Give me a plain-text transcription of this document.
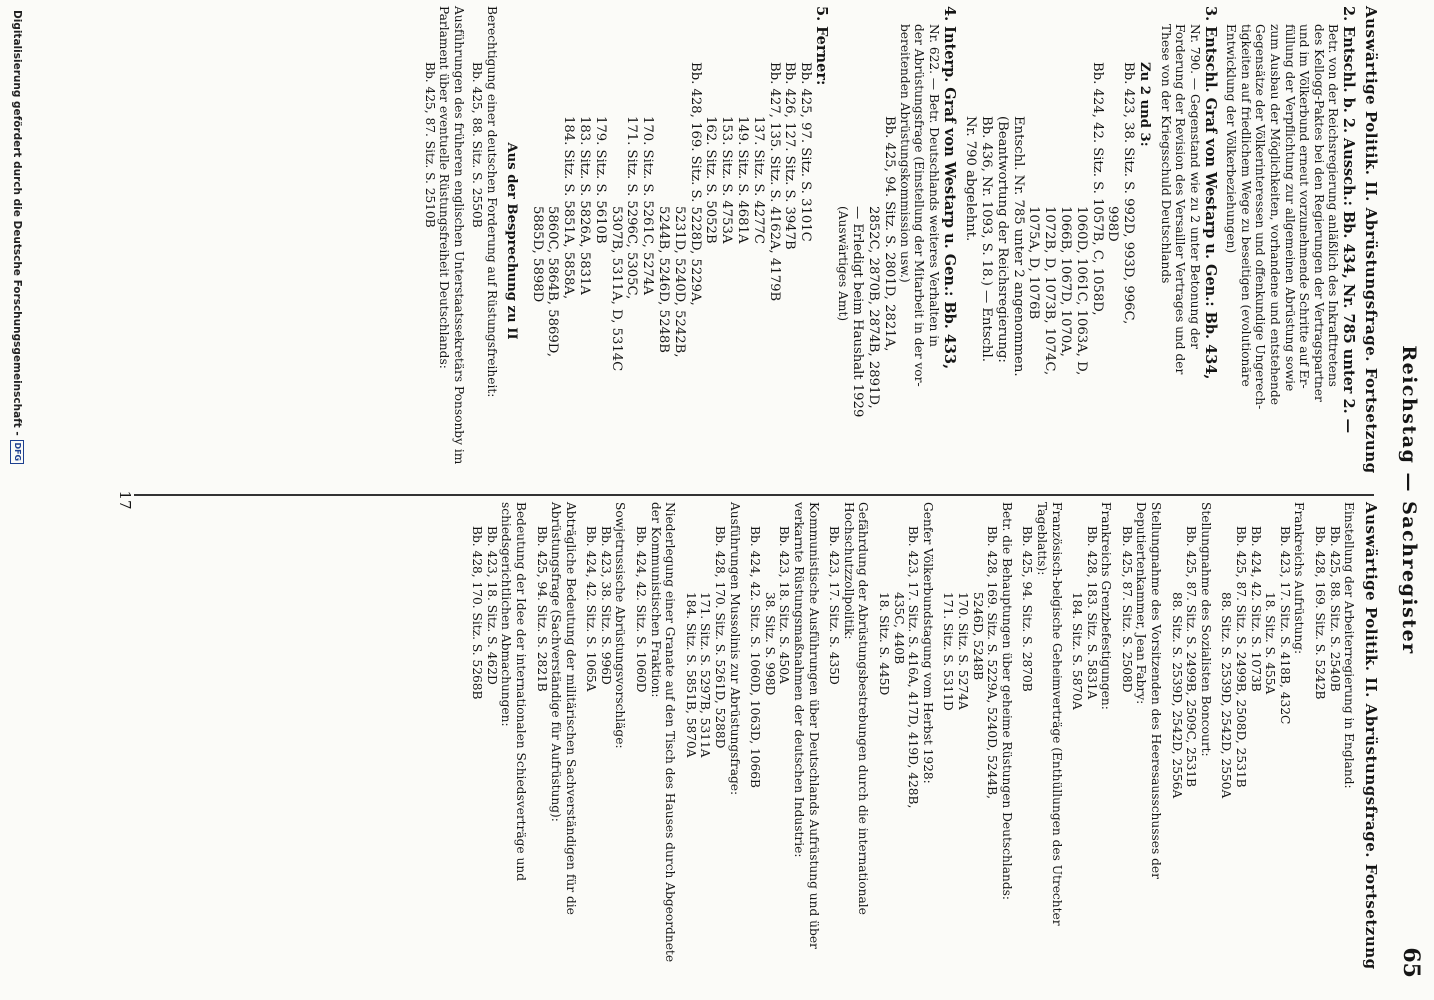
Reichstag — Sachregister
65
Auswärtige Politik. II. Abrüstungsfrage. Fortsetzung

2. Entschl. b. 2. Aussch.: Bb. 434, Nr. 785 unter 2. —

Betr. von der Reichsregierung anläßlich des Inkrafttretens

des Kellogg-Paktes bei den Regierungen der Vertragspartner

und im Völkerbund erneut vorzunehmende Schritte auf Er-

füllung der Verpflichtung zur allgemeinen Abrüstung sowie

zum Ausbau der Möglichkeiten, vorhandene und entstehende

Gegensätze der Völkerinteressen und offenkundige Ungerech-

tigkeiten auf friedlichem Wege zu beseitigen (evolutionäre

Entwicklung der Völkerbeziehungen)

3. Entschl. Graf von Westarp u. Gen.: Bb. 434,

Nr. 790. — Gegenstand wie zu 2 unter Betonung der

Forderung der Revision des Versailler Vertrages und der

These von der Kriegsschuld Deutschlands

Zu 2 und 3:

Bb. 423, 38. Sitz. S. 992D, 993D, 996C,

998D

Bb. 424, 42. Sitz. S. 1057B, C, 1058D,

1060D, 1061C, 1063A, D,

1066B, 1067D, 1070A,

1072B, D, 1073B, 1074C,

1075A, D, 1076B

Entschl. Nr. 785 unter 2 angenommen.

(Beantwortung der Reichsregierung:

Bb. 436, Nr. 1093, S. 18.) — Entschl.

Nr. 790 abgelehnt.

4. Interp. Graf von Westarp u. Gen.: Bb. 433,

Nr. 622. — Betr. Deutschlands weiteres Verhalten in

der Abrüstungsfrage (Einstellung der Mitarbeit in der vor-

bereitenden Abrüstungskommission usw.)

Bb. 425, 94. Sitz. S. 2801D, 2821A,

2852C, 2870B, 2874B, 2891D,

— Erledigt beim Haushalt 1929

(Auswärtiges Amt)

5. Ferner:

Bb. 425, 97. Sitz. S. 3101C

Bb. 426, 127. Sitz. S. 3947B

Bb. 427, 135. Sitz. S. 4162A, 4179B

137. Sitz. S. 4277C

149. Sitz. S. 4681A

153. Sitz. S. 4753A

162. Sitz. S. 5052B

Bb. 428, 169. Sitz. S. 5228D, 5229A,

5231D, 5240D, 5242B,

5244B, 5246D, 5248B

170. Sitz. S. 5261C, 5274A

171. Sitz. S. 5296C, 5305C,

5307B, 5311A, D, 5314C

179. Sitz. S. 5610B

183. Sitz. S. 5826A, 5831A

184. Sitz. S. 5851A, 5858A,

5860C, 5864B, 5869D,

5885D, 5898D

Aus der Besprechung zu II

Berechtigung einer deutschen Forderung auf Rüstungsfreiheit:

Bb. 425, 88. Sitz. S. 2550B

Ausführungen des früheren englischen Unterstaatssekretärs Ponsonby im Parlament über eventuelle Rüstungsfreiheit Deutschlands:

Bb. 425, 87. Sitz. S. 2510B

Auswärtige Politik. II. Abrüstungsfrage. Fortsetzung

Einstellung der Arbeiterregierung in England:

Bb. 425, 88. Sitz. S. 2540B

Bb. 428, 169. Sitz. S. 5242B

Frankreichs Aufrüstung:

Bb. 423, 17. Sitz. S. 418B, 432C

18. Sitz. S. 455A

Bb. 424, 42. Sitz. S. 1073B

Bb. 425, 87. Sitz. S. 2499B, 2508D, 2531B

88. Sitz. S. 2539D, 2542D, 2550A

Stellungnahme des Sozialisten Boncourt:

Bb. 425, 87. Sitz. S. 2499B, 2509C, 2531B

88. Sitz. S. 2539D, 2542D, 2556A

Stellungnahme des Vorsitzenden des Heeresausschusses der Deputiertenkammer, Jean Fabry:

Bb. 425, 87. Sitz. S. 2508D

Frankreichs Grenzbefestigungen:

Bb. 428, 183. Sitz. S. 5831A

184. Sitz. S. 5870A

Französisch-belgische Geheimverträge (Enthüllungen des Utrechter Tageblatts):

Bb. 425, 94. Sitz. S. 2870B

Betr. die Behauptungen über geheime Rüstungen Deutschlands:

Bb. 428, 169. Sitz. S. 5229A, 5240D, 5244B,

5246D, 5248B

170. Sitz. S. 5274A

171. Sitz. S. 5311D

Genfer Völkerbundstagung vom Herbst 1928:

Bb. 423, 17. Sitz. S. 416A, 417D, 419D, 428B,

435C, 440B

18. Sitz. S. 445D

Gefährdung der Abrüstungsbestrebungen durch die internationale Hochschutzzollpolitik:

Bb. 423, 17. Sitz. S. 435D

Kommunistische Ausführungen über Deutschlands Aufrüstung und über verkarnte Rüstungsmaßnahmen der deutschen Industrie:

Bb. 423, 18. Sitz. S. 450A

38. Sitz. S. 998D

Bb. 424, 42. Sitz. S. 1060D, 1063D, 1066B

Ausführungen Mussolinis zur Abrüstungsfrage:

Bb. 428, 170. Sitz. S. 5261D, 5288D

171. Sitz. S. 5297B, 5311A

184. Sitz. S. 5851B, 5870A

Niederlegung einer Granate auf den Tisch des Hauses durch Abgeordnete der Kommunistischen Fraktion:

Bb. 424, 42. Sitz. S. 1060D

Sowjetrussische Abrüstungsvorschläge:

Bb. 423, 38. Sitz. S. 996D

Bb. 424, 42. Sitz. S. 1065A

Abträgliche Bedeutung der militärischen Sachverständigen für die Abrüstungsfrage (Sachverständige für Aufrüstung):

Bb. 425, 94. Sitz. S. 2821B

Bedeutung der Idee der internationalen Schiedsverträge und schiedsgerichtlichen Abmachungen:

Bb. 423, 18. Sitz. S. 462D

Bb. 428, 170. Sitz. S. 5268B

17
Digitalisierung gefördert durch die Deutsche Forschungsgemeinschaft -
DFG
